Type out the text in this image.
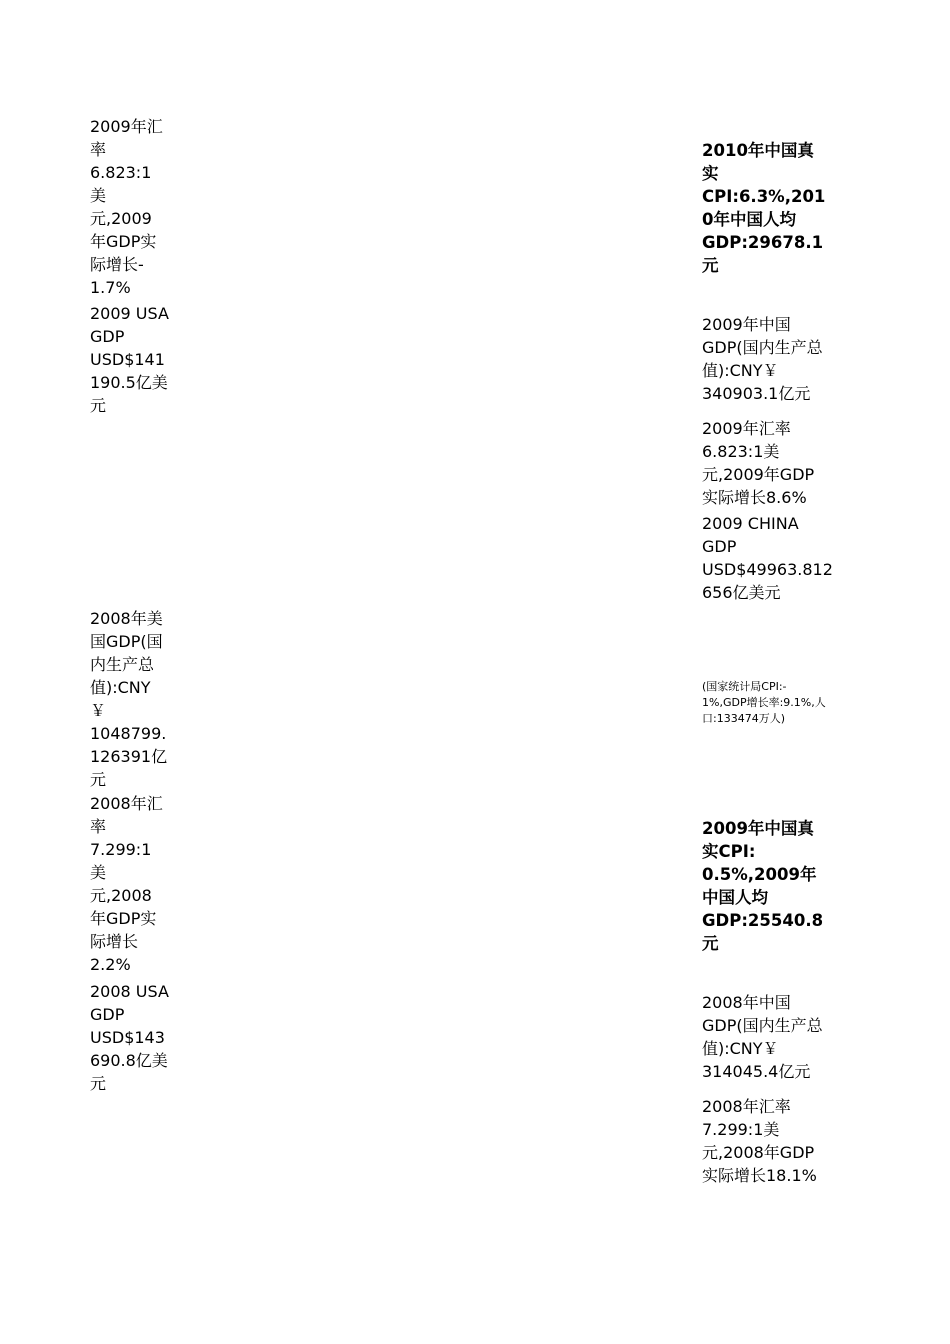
2009年汇
率
6.823:1
美
元,2009
年GDP实
际增长-
1.7%
2009 USA
GDP
USD$141
190.5亿美
元
2008年美
国GDP(国
内生产总
值):CNY
￥
1048799.
126391亿
元
2008年汇
率
7.299:1
美
元,2008
年GDP实
际增长
2.2%
2008 USA
GDP
USD$143
690.8亿美
元
2010年中国真
实
CPI:6.3%,201
0年中国人均
GDP:29678.1
元
2009年中国
GDP(国内生产总
值):CNY￥
340903.1亿元
2009年汇率
6.823:1美
元,2009年GDP
实际增长8.6%
2009 CHINA
GDP
USD$49963.812
656亿美元
(国家统计局CPI:-
1%,GDP增长率:9.1%,人
口:133474万人)
2009年中国真
实CPI:
0.5%,2009年
中国人均
GDP:25540.8
元
2008年中国
GDP(国内生产总
值):CNY￥
314045.4亿元
2008年汇率
7.299:1美
元,2008年GDP
实际增长18.1%
